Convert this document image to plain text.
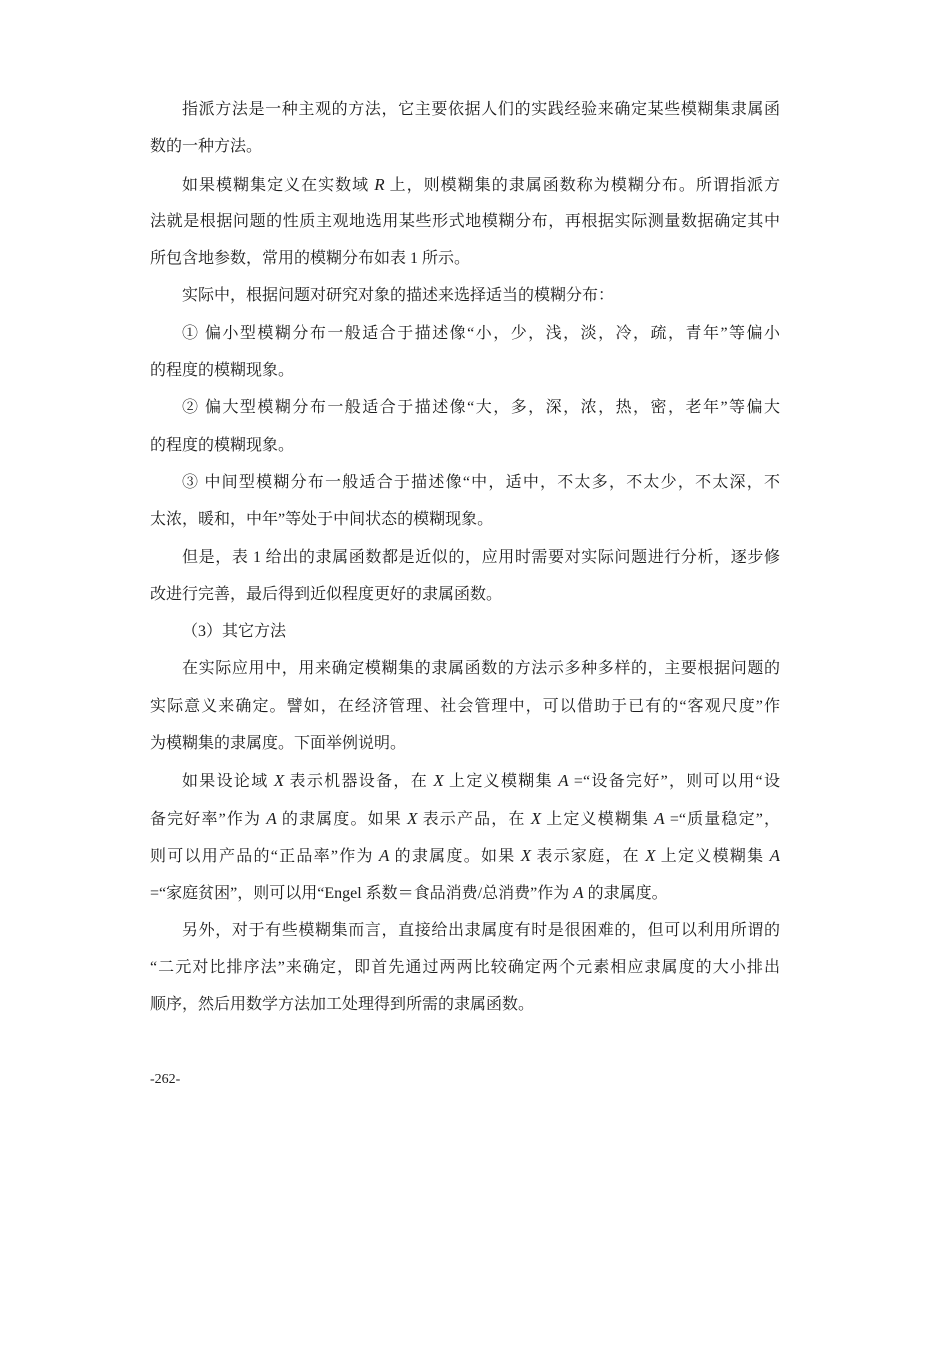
指派方法是一种主观的方法，它主要依据人们的实践经验来确定某些模糊集隶属函
数的一种方法。
如果模糊集定义在实数域 R 上，则模糊集的隶属函数称为模糊分布。所谓指派方
法就是根据问题的性质主观地选用某些形式地模糊分布，再根据实际测量数据确定其中
所包含地参数，常用的模糊分布如表 1 所示。
实际中，根据问题对研究对象的描述来选择适当的模糊分布：
① 偏小型模糊分布一般适合于描述像“小，少，浅，淡，冷，疏，青年”等偏小
的程度的模糊现象。
② 偏大型模糊分布一般适合于描述像“大，多，深，浓，热，密，老年”等偏大
的程度的模糊现象。
③ 中间型模糊分布一般适合于描述像“中，适中，不太多，不太少，不太深，不
太浓，暖和，中年”等处于中间状态的模糊现象。
但是，表 1 给出的隶属函数都是近似的，应用时需要对实际问题进行分析，逐步修
改进行完善，最后得到近似程度更好的隶属函数。
（3）其它方法
在实际应用中，用来确定模糊集的隶属函数的方法示多种多样的，主要根据问题的
实际意义来确定。譬如，在经济管理、社会管理中，可以借助于已有的“客观尺度”作
为模糊集的隶属度。下面举例说明。
如果设论域 X 表示机器设备，在 X 上定义模糊集 A =“设备完好”，则可以用“设
备完好率”作为 A 的隶属度。如果 X 表示产品，在 X 上定义模糊集 A =“质量稳定”，
则可以用产品的“正品率”作为 A 的隶属度。如果 X 表示家庭，在 X 上定义模糊集 A
=“家庭贫困”，则可以用“Engel 系数＝食品消费/总消费”作为 A 的隶属度。
另外，对于有些模糊集而言，直接给出隶属度有时是很困难的，但可以利用所谓的
“二元对比排序法”来确定，即首先通过两两比较确定两个元素相应隶属度的大小排出
顺序，然后用数学方法加工处理得到所需的隶属函数。
-262-
